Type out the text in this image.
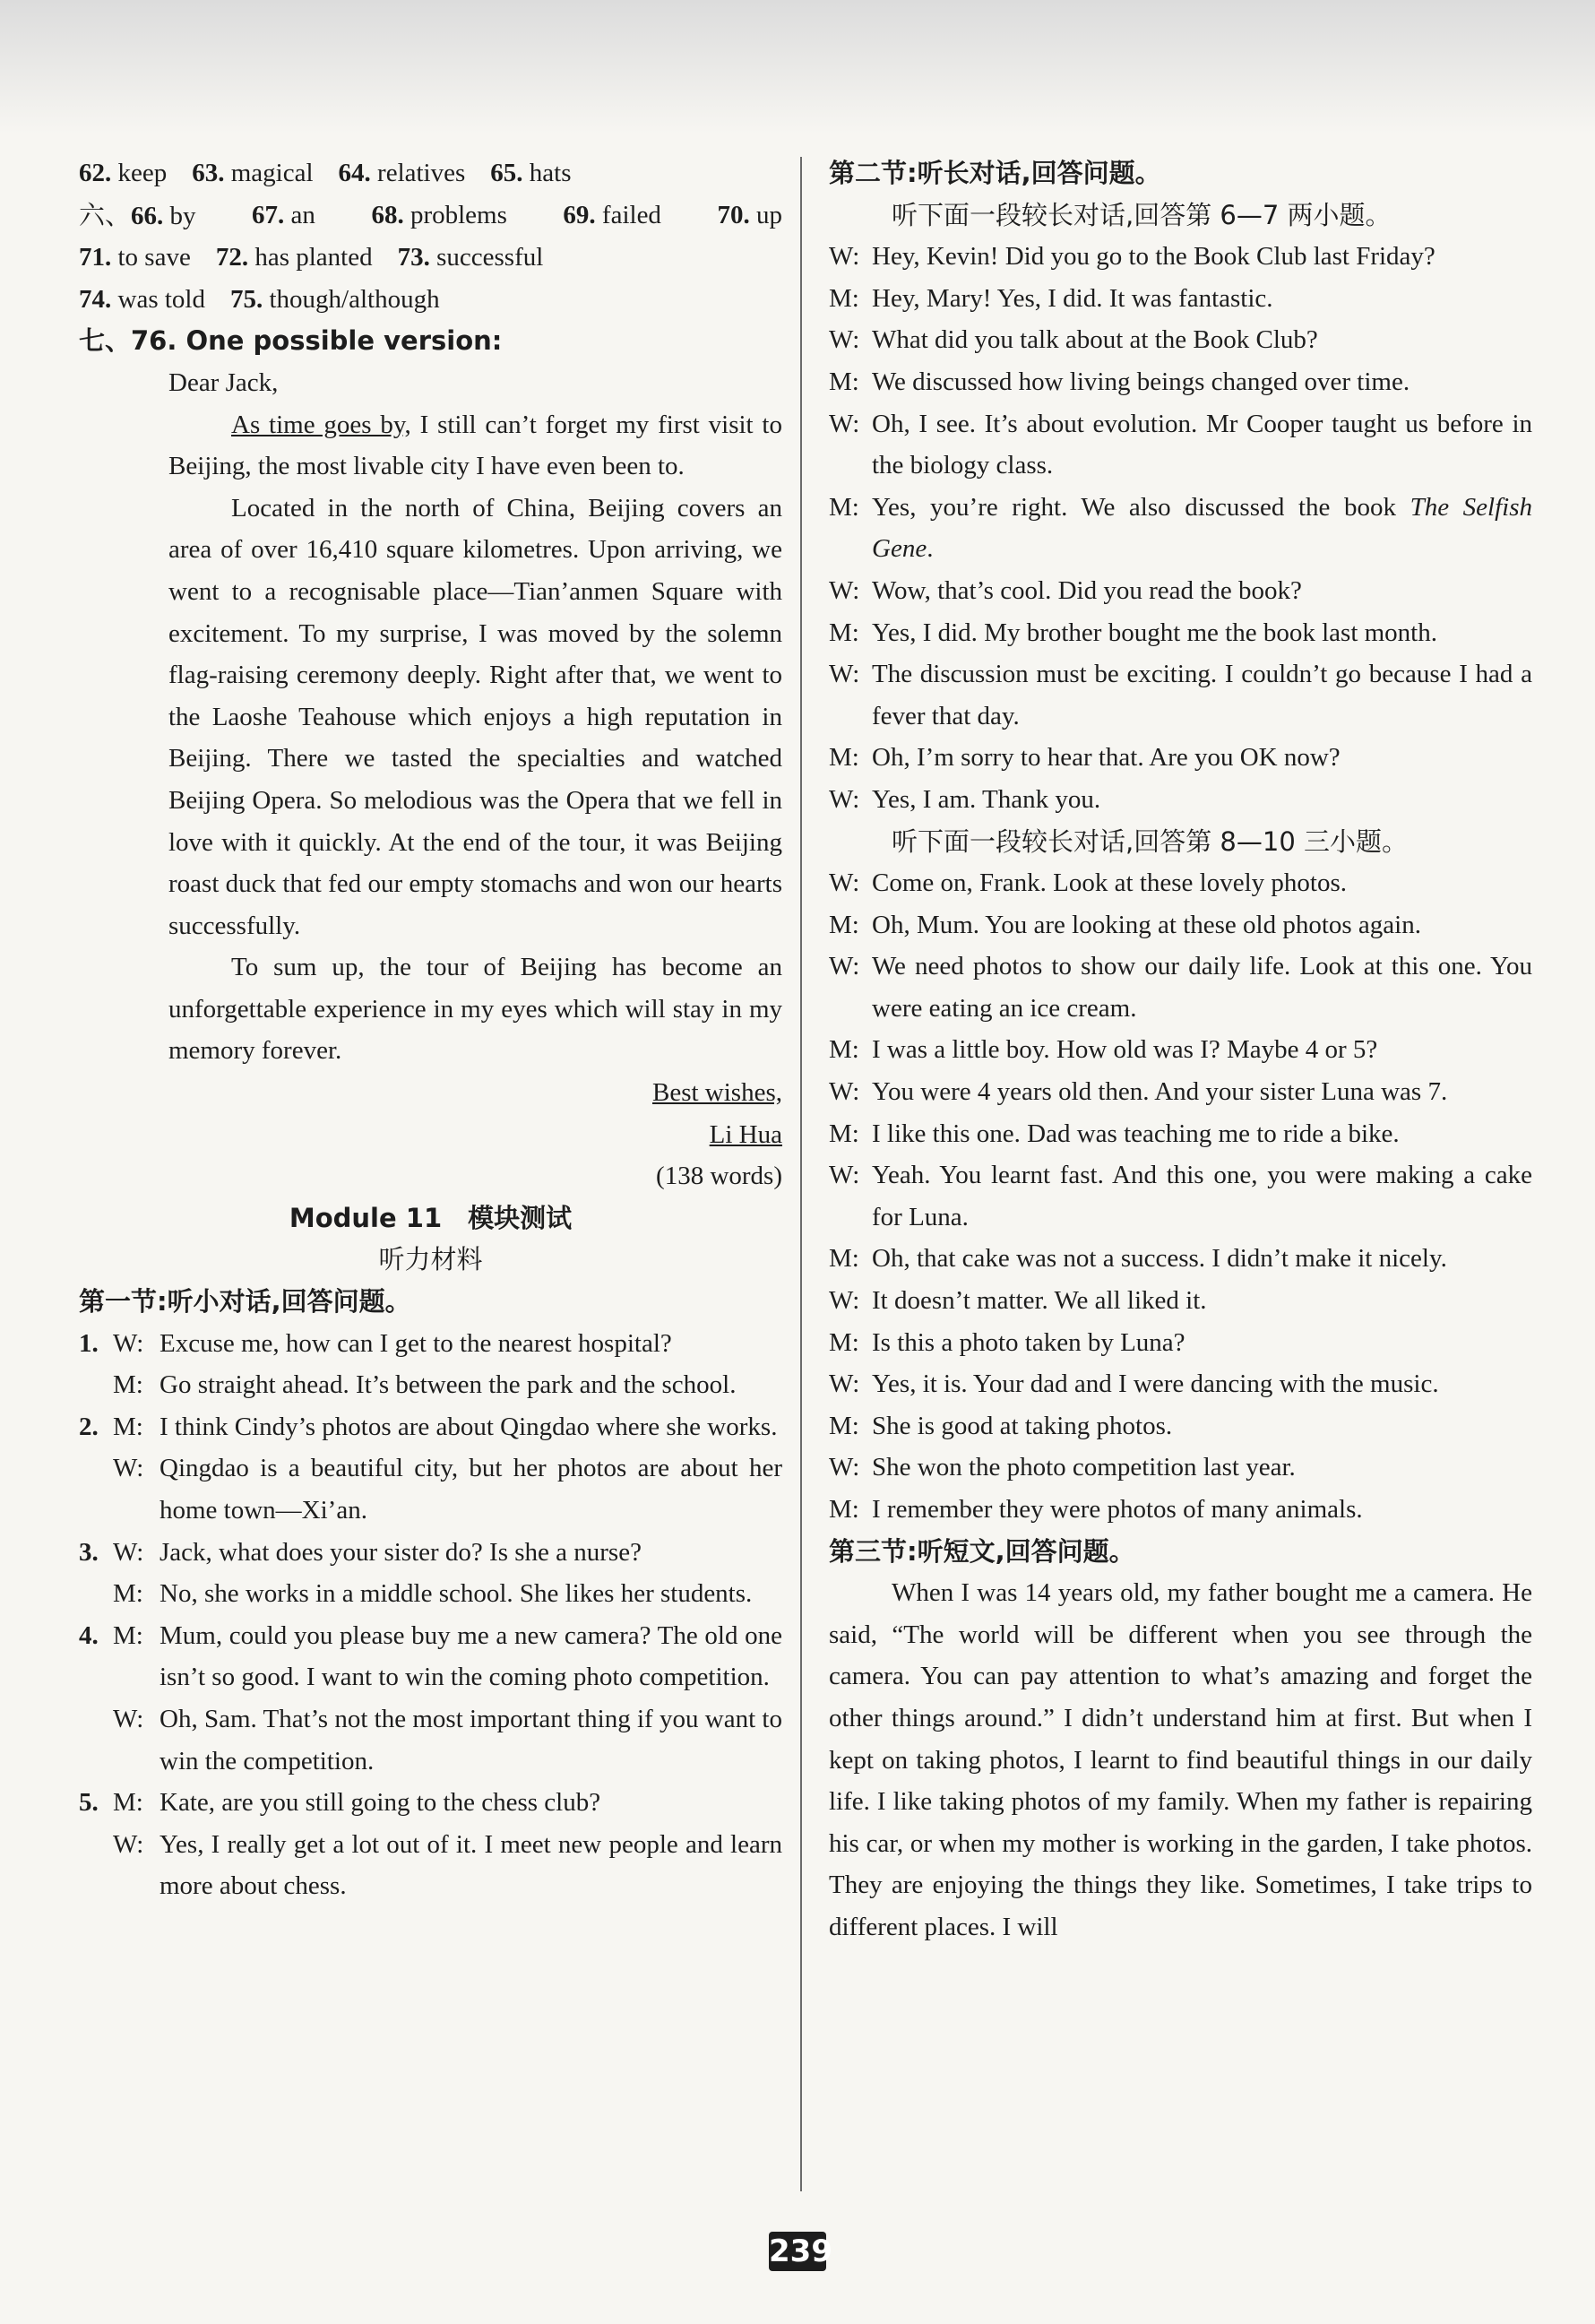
62. keep 63. magical 64. relatives 65. hats
六、66. by 67. an 68. problems 69. failed 70. up
71. to save 72. has planted 73. successful
74. was told 75. though/although
七、76. One possible version:
Dear Jack,
As time goes by, I still can’t forget my first visit to Beijing, the most livable city I have even been to.
Located in the north of China, Beijing covers an area of over 16,410 square kilometres. Upon arriving, we went to a recognisable place—Tian’anmen Square with excitement. To my surprise, I was moved by the solemn flag-raising ceremony deeply. Right after that, we went to the Laoshe Teahouse which enjoys a high reputation in Beijing. There we tasted the specialties and watched Beijing Opera. So melodious was the Opera that we fell in love with it quickly. At the end of the tour, it was Beijing roast duck that fed our empty stomachs and won our hearts successfully.
To sum up, the tour of Beijing has become an unforgettable experience in my eyes which will stay in my memory forever.
Best wishes,
Li Hua
(138 words)
Module 11　模块测试
听力材料
第一节:听小对话,回答问题。
1. W: Excuse me, how can I get to the nearest hospital?
M: Go straight ahead. It’s between the park and the school.
2. M: I think Cindy’s photos are about Qingdao where she works.
W: Qingdao is a beautiful city, but her photos are about her home town—Xi’an.
3. W: Jack, what does your sister do? Is she a nurse?
M: No, she works in a middle school. She likes her students.
4. M: Mum, could you please buy me a new camera? The old one isn’t so good. I want to win the coming photo competition.
W: Oh, Sam. That’s not the most important thing if you want to win the competition.
5. M: Kate, are you still going to the chess club?
W: Yes, I really get a lot out of it. I meet new people and learn more about chess.
第二节:听长对话,回答问题。
听下面一段较长对话,回答第 6—7 两小题。
W: Hey, Kevin! Did you go to the Book Club last Friday?
M: Hey, Mary! Yes, I did. It was fantastic.
W: What did you talk about at the Book Club?
M: We discussed how living beings changed over time.
W: Oh, I see. It’s about evolution. Mr Cooper taught us before in the biology class.
M: Yes, you’re right. We also discussed the book The Selfish Gene.
W: Wow, that’s cool. Did you read the book?
M: Yes, I did. My brother bought me the book last month.
W: The discussion must be exciting. I couldn’t go because I had a fever that day.
M: Oh, I’m sorry to hear that. Are you OK now?
W: Yes, I am. Thank you.
听下面一段较长对话,回答第 8—10 三小题。
W: Come on, Frank. Look at these lovely photos.
M: Oh, Mum. You are looking at these old photos again.
W: We need photos to show our daily life. Look at this one. You were eating an ice cream.
M: I was a little boy. How old was I? Maybe 4 or 5?
W: You were 4 years old then. And your sister Luna was 7.
M: I like this one. Dad was teaching me to ride a bike.
W: Yeah. You learnt fast. And this one, you were making a cake for Luna.
M: Oh, that cake was not a success. I didn’t make it nicely.
W: It doesn’t matter. We all liked it.
M: Is this a photo taken by Luna?
W: Yes, it is. Your dad and I were dancing with the music.
M: She is good at taking photos.
W: She won the photo competition last year.
M: I remember they were photos of many animals.
第三节:听短文,回答问题。
When I was 14 years old, my father bought me a camera. He said, “The world will be different when you see through the camera. You can pay attention to what’s amazing and forget the other things around.” I didn’t understand him at first. But when I kept on taking photos, I learnt to find beautiful things in our daily life. I like taking photos of my family. When my father is repairing his car, or when my mother is working in the garden, I take photos. They are enjoying the things they like. Sometimes, I take trips to different places. I will
239
